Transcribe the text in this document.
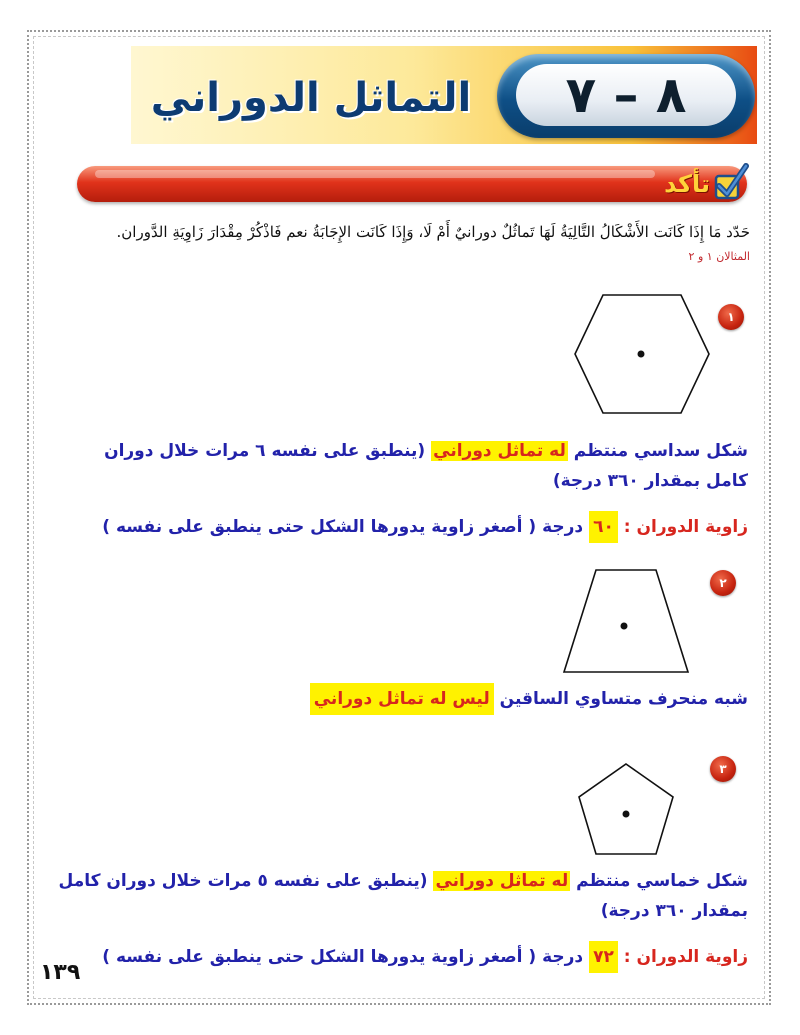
٨ – ٧
التماثل الدوراني
تأكد
حَدّد مَا إِذَا كَانَت الأَشْكَالُ التَّالِيَةُ لَهَا تَماثُلٌ دورانيٌ أَمْ لَا، وَإِذَا كَانَت الإِجَابَةُ نعم فَاذْكُرْ مِقْدَارَ زَاوِيَةِ الدَّوران.
المثالان ١ و ٢
١
شكل سداسي منتظم له تماثل دوراني (ينطبق على نفسه ٦ مرات خلال دوران كامل بمقدار ٣٦٠ درجة)
زاوية الدوران : ٦٠ درجة ( أصغر زاوية يدورها الشكل حتى ينطبق على نفسه )
٢
شبه منحرف متساوي الساقين ليس له تماثل دوراني
٣
شكل خماسي منتظم له تماثل دوراني (ينطبق على نفسه ٥ مرات خلال دوران كامل بمقدار ٣٦٠ درجة)
زاوية الدوران : ٧٢ درجة ( أصغر زاوية يدورها الشكل حتى ينطبق على نفسه )
١٣٩
